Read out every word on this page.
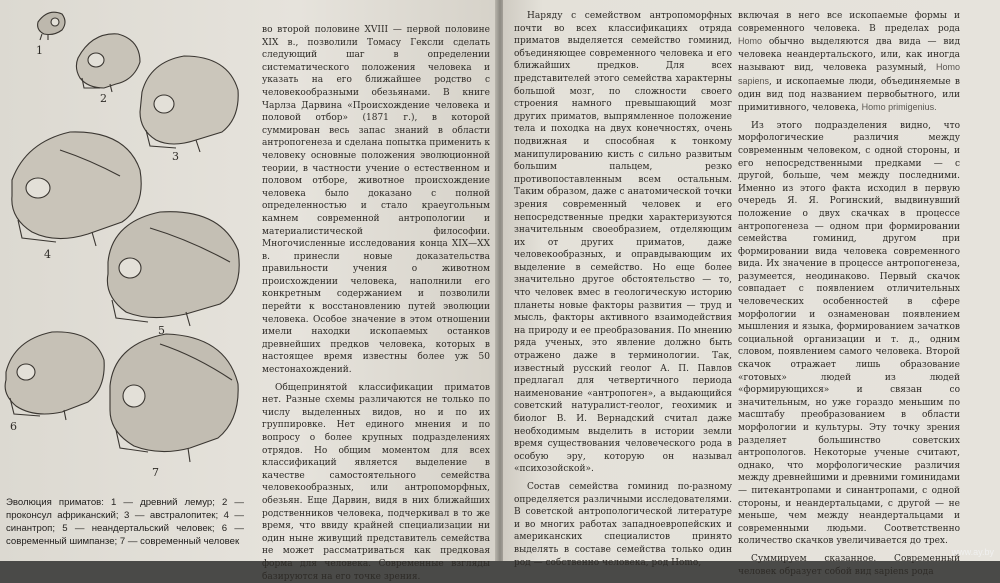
1
2
3
4
5
6
7

Эволюция приматов: 1 — древний лемур; 2 — проконсул африканский; 3 — австралопитек; 4 — синантроп; 5 — неандертальский человек; 6 — современный шимпанзе; 7 — современный человек

во второй половине XVIII — первой половине XIX в., позволили Томасу Гексли сделать следующий шаг в определении систематического положения человека и указать на его ближайшее родство с человекообразными обезьянами. В книге Чарлза Дарвина «Происхождение человека и половой отбор» (1871 г.), в которой суммирован весь запас знаний в области антропогенеза и сделана попытка применить к человеку основные положения эволюционной теории, в частности учение о естественном и половом отборе, животное происхождение человека было доказано с полной определенностью и стало краеугольным камнем современной антропологии и материалистической философии. Многочисленные исследования конца XIX—XX в. принесли новые доказательства правильности учения о животном происхождении человека, наполнили его конкретным содержанием и позволили перейти к восстановлению путей эволюции человека. Особое значение в этом отношении имели находки ископаемых останков древнейших предков человека, которых в настоящее время известны более уж 50 местонахождений.

Общепринятой классификации приматов нет. Разные схемы различаются не только по числу выделенных видов, но и по их группировке. Нет единого мнения и по вопросу о более крупных подразделениях отрядов. Но общим моментом для всех классификаций является выделение в качестве самостоятельного семейства человекообразных, или антропоморфных, обезьян. Еще Дарвин, видя в них ближайших родственников человека, подчеркивал в то же время, что ввиду крайней специализации ни один ныне живущий представитель семейства не может рассматриваться как предковая форма для человека. Современные взгляды базируются на его точке зрения.

Наряду с семейством антропоморфных почти во всех классификациях отряда приматов выделяется семейство гоминид, объединяющее современного человека и его ближайших предков. Для всех представителей этого семейства характерны большой мозг, по сложности своего строения намного превышающий мозг других приматов, выпрямленное положение тела и походка на двух конечностях, очень подвижная и способная к тонкому манипулированию кисть с сильно развитым большим пальцем, резко противопоставленным всем остальным. Таким образом, даже с анатомической точки зрения современный человек и его непосредственные предки характеризуются значительным своеобразием, отделяющим их от других приматов, даже человекообразных, и оправдывающим их выделение в семейство. Но еще более значительно другое обстоятельство — то, что человек вмес в геологическую историю планеты новые факторы развития — труд и мысль, факторы активного взаимодействия на природу и ее преобразования. По мнению ряда ученых, это явление должно быть отражено даже в терминологии. Так, известный русский геолог А. П. Павлов предлагал для четвертичного периода наименование «антропоген», а выдающийся советский натуралист-геолог, геохимик и биолог В. И. Вернадский считал даже необходимым выделить в истории земли время существования человеческого рода в особую эру, которую он называл «психозойской».

Состав семейства гоминид по-разному определяется различными исследователями. В советской антропологической литературе и во многих работах западноевропейских и американских специалистов принято выделять в составе семейства только один род — собственно человека, род Homo,

включая в него все ископаемые формы и современного человека. В пределах рода Homo обычно выделяются два вида — вид человека неандертальского, или, как иногда называют вид, человека разумный, Homo sapiens, и ископаемые люди, объединяемые в один вид под названием первобытного, или примитивного, человека, Homo primigenius.

Из этого подразделения видно, что морфологические различия между современным человеком, с одной стороны, и его непосредственными предками — с другой, больше, чем между последними. Именно из этого факта исходил в первую очередь Я. Я. Рогинский, выдвинувший положение о двух скачках в процессе антропогенеза — одном при формировании семейства гоминид, другом при формировании вида человека современного вида. Их значение в процессе антропогенеза, разумеется, неодинаково. Первый скачок совпадает с появлением отличительных человеческих особенностей в сфере морфологии и ознаменован появлением мышления и языка, формированием зачатков социальной организации и т. д., одним словом, появлением самого человека. Второй скачок отражает лишь образование «готовых» людей из людей «формирующихся» и связан со значительным, но уже гораздо меньшим по масштабу преобразованием в области морфологии и культуры. Эту точку зрения разделяет большинство советских антропологов. Некоторые ученые считают, однако, что морфологические различия между древнейшими и древними гоминидами — питекантропами и синантропами, с одной стороны, и неандертальцами, с другой — не меньше, чем между неандертальцами и современными людьми. Соответственно количество скачков увеличивается до трех.

Суммируем сказанное. Современный человек образует собой вид sapiens рода

www.ay.by
